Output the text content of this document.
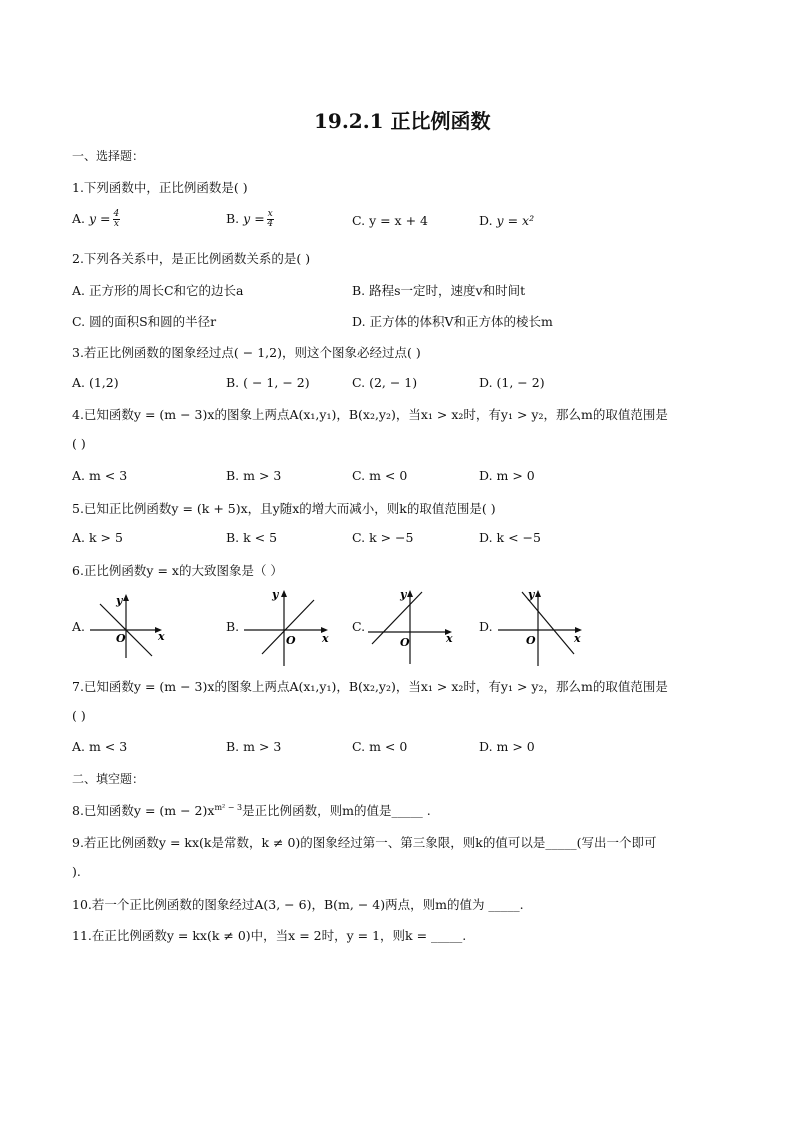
19.2.1 正比例函数
一、选择题：
1.下列函数中，正比例函数是( )
A. $y = \frac{4}{x}$	B. $y = \frac{x}{4}$	C. y = x + 4	D. y = x²
2.下列各关系中，是正比例函数关系的是( )
A. 正方形的周长C和它的边长a	B. 路程s一定时，速度v和时间t
C. 圆的面积S和圆的半径r	D. 正方体的体积V和正方体的棱长m
3.若正比例函数的图象经过点( − 1,2)，则这个图象必经过点( )
A. (1,2)	B. ( − 1, − 2)	C. (2, − 1)	D. (1, − 2)
4.已知函数y = (m − 3)x的图象上两点A(x₁,y₁)，B(x₂,y₂)，当x₁ > x₂时，有y₁ > y₂，那么m的取值范围是
( )
A. m < 3	B. m > 3	C. m < 0	D. m > 0
5.已知正比例函数y = (k + 5)x，且y随x的增大而减小，则k的取值范围是( )
A. k > 5	B. k < 5	C. k > −5	D. k < −5
6.正比例函数y = x的大致图象是（ ）
A.
y
x
O
B.
y
x
O
C.
y
x
O
D.
y
x
O
7.已知函数y = (m − 3)x的图象上两点A(x₁,y₁)，B(x₂,y₂)，当x₁ > x₂时，有y₁ > y₂，那么m的取值范围是
( )
A. m < 3	B. m > 3	C. m < 0	D. m > 0
二、填空题：
8.已知函数$y = (m - 2)x^{m^2 - 3}$是正比例函数，则m的值是_____ .
9.若正比例函数y = kx(k是常数，k ≠ 0)的图象经过第一、第三象限，则k的值可以是_____(写出一个即可
).
10.若一个正比例函数的图象经过A(3, − 6)，B(m, − 4)两点，则m的值为 _____.
11.在正比例函数y = kx(k ≠ 0)中，当x = 2时，y = 1，则k = _____.
